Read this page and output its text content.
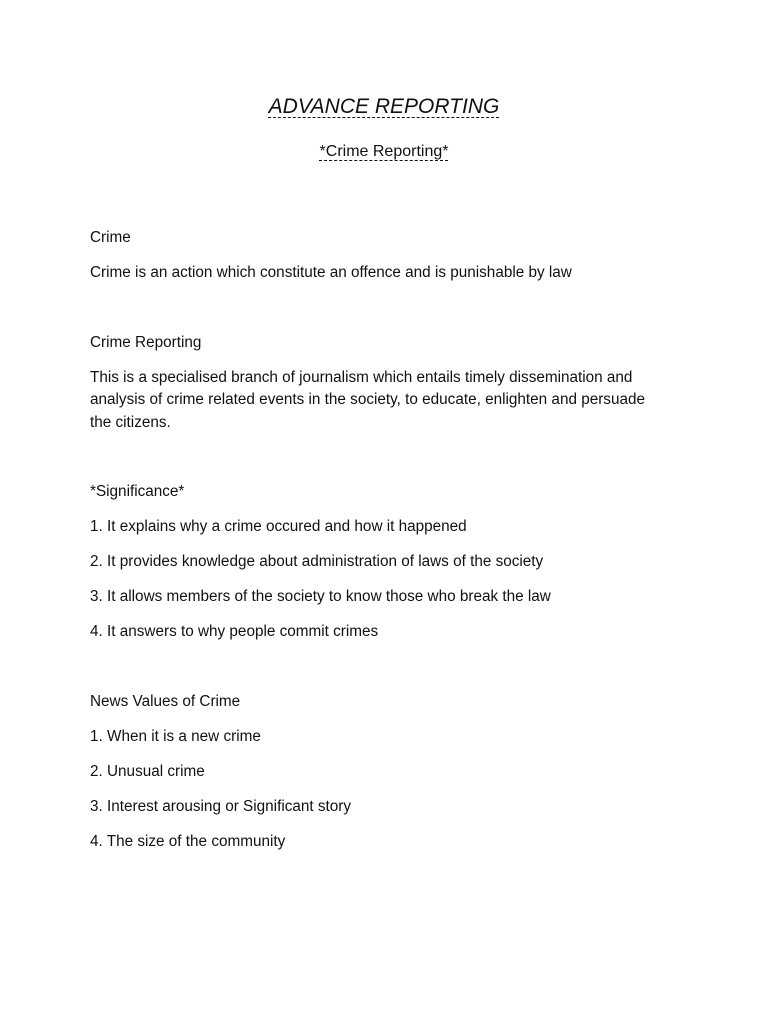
ADVANCE REPORTING
*Crime Reporting*

Crime

Crime is an action which constitute an offence and is punishable by law

Crime Reporting

This is a specialised branch of journalism which entails timely dissemination and

analysis of crime related events in the society, to educate, enlighten and persuade

the citizens.

*Significance*

1. It explains why a crime occured and how it happened

2. It provides knowledge about administration of laws of the society

3. It allows members of the society to know those who break the law

4. It answers to why people commit crimes

News Values of Crime

1. When it is a new crime

2. Unusual crime

3. Interest arousing or Significant story

4. The size of the community
